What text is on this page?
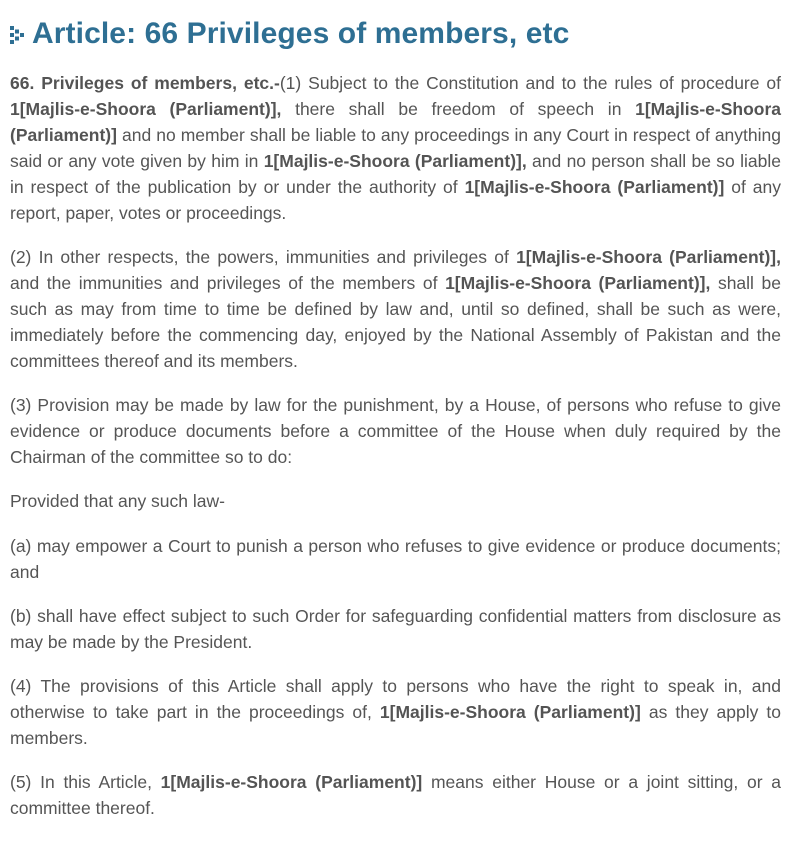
Article: 66 Privileges of members, etc

66. Privileges of members, etc.-(1) Subject to the Constitution and to the rules of procedure of 1[Majlis-e-Shoora (Parliament)], there shall be freedom of speech in 1[Majlis-e-Shoora (Parliament)] and no member shall be liable to any proceedings in any Court in respect of anything said or any vote given by him in 1[Majlis-e-Shoora (Parliament)], and no person shall be so liable in respect of the publication by or under the authority of 1[Majlis-e-Shoora (Parliament)] of any report, paper, votes or proceedings.

(2) In other respects, the powers, immunities and privileges of 1[Majlis-e-Shoora (Parliament)], and the immunities and privileges of the members of 1[Majlis-e-Shoora (Parliament)], shall be such as may from time to time be defined by law and, until so defined, shall be such as were, immediately before the commencing day, enjoyed by the National Assembly of Pakistan and the committees thereof and its members.

(3) Provision may be made by law for the punishment, by a House, of persons who refuse to give evidence or produce documents before a committee of the House when duly required by the Chairman of the committee so to do:

Provided that any such law-

(a) may empower a Court to punish a person who refuses to give evidence or produce documents; and

(b) shall have effect subject to such Order for safeguarding confidential matters from disclosure as may be made by the President.

(4) The provisions of this Article shall apply to persons who have the right to speak in, and otherwise to take part in the proceedings of, 1[Majlis-e-Shoora (Parliament)] as they apply to members.

(5) In this Article, 1[Majlis-e-Shoora (Parliament)] means either House or a joint sitting, or a committee thereof.
